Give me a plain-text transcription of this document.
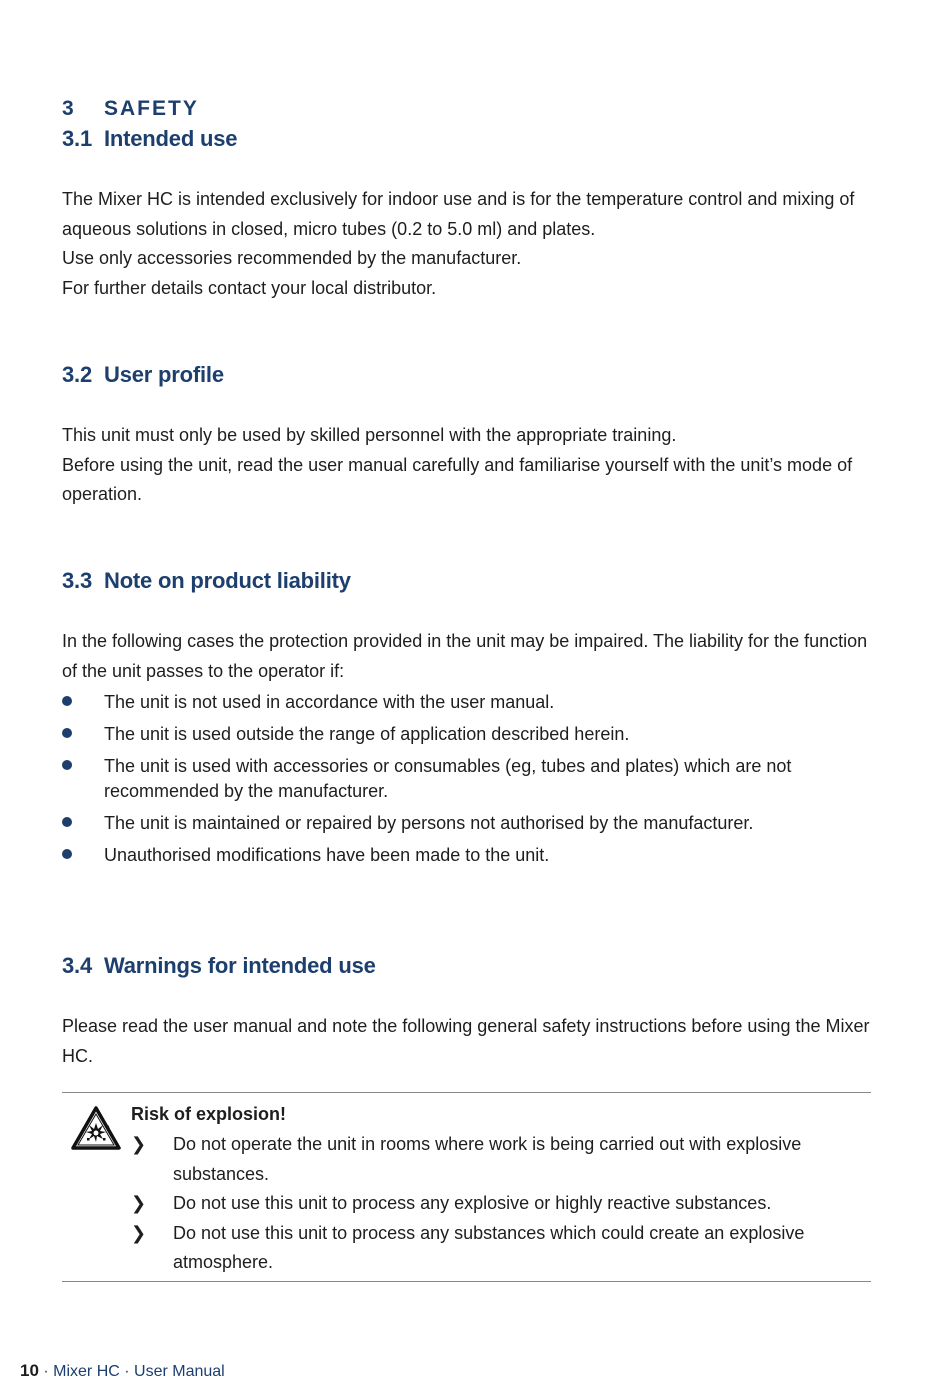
3 SAFETY
3.1 Intended use

The Mixer HC is intended exclusively for indoor use and is for the temperature control and mixing of aqueous solutions in closed, micro tubes (0.2 to 5.0 ml) and plates.

Use only accessories recommended by the manufacturer.

For further details contact your local distributor.

3.2 User profile

This unit must only be used by skilled personnel with the appropriate training.

Before using the unit, read the user manual carefully and familiarise yourself with the unit’s mode of operation.

3.3 Note on product liability

In the following cases the protection provided in the unit may be impaired. The liability for the function of the unit passes to the operator if:

The unit is not used in accordance with the user manual.
The unit is used outside the range of application described herein.
The unit is used with accessories or consumables (eg, tubes and plates) which are not recommended by the manufacturer.
The unit is maintained or repaired by persons not authorised by the manufacturer.
Unauthorised modifications have been made to the unit.
3.4 Warnings for intended use

Please read the user manual and note the following general safety instructions before using the Mixer HC.

Risk of explosion!

❯ Do not operate the unit in rooms where work is being carried out with explosive substances.
❯ Do not use this unit to process any explosive or highly reactive substances.
❯ Do not use this unit to process any substances which could create an explosive atmosphere.
10 · Mixer HC · User Manual
